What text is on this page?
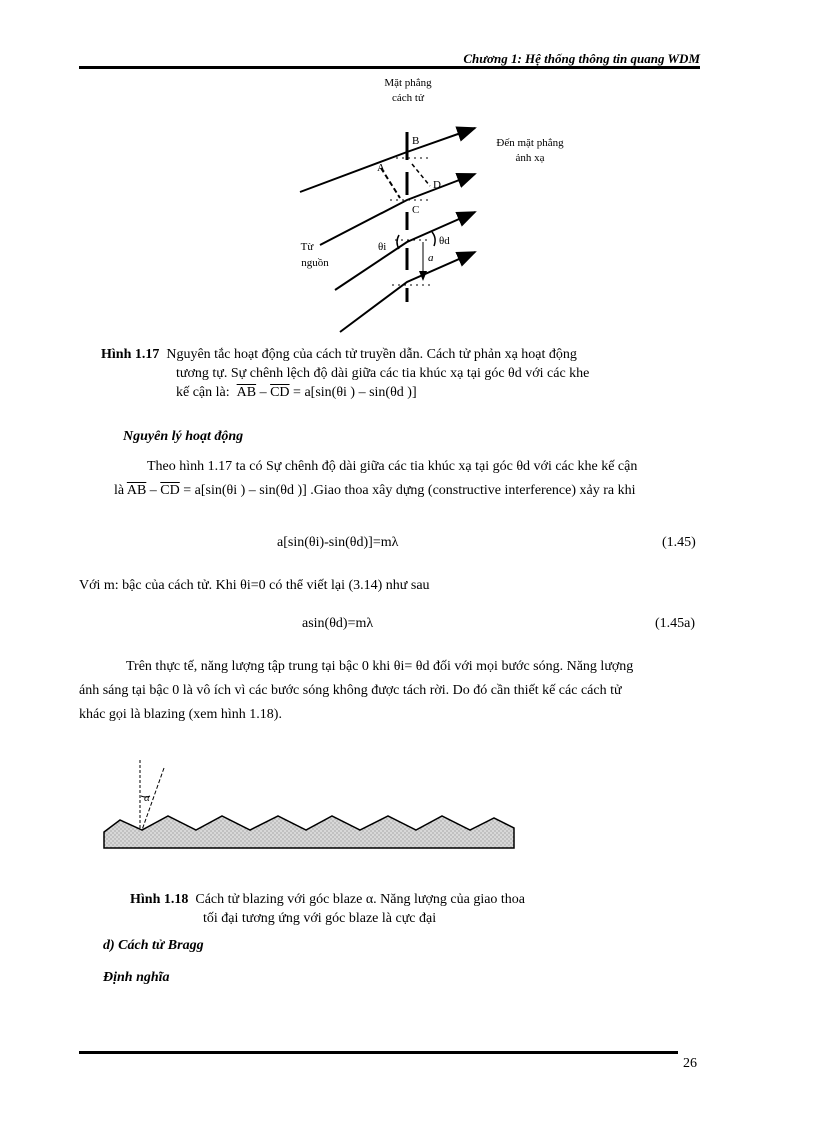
Chương 1: Hệ thống thông tin quang WDM
Mặt phẳng
cách tử
Đến mặt phẳng
ảnh xạ
Từ
nguồn
A
B
C
D
a
θi	θd
Hình 1.17 Nguyên tắc hoạt động của cách tử truyền dẫn. Cách tử phản xạ hoạt động
tương tự. Sự chênh lệch độ dài giữa các tia khúc xạ tại góc θd với các khe
kế cận là: $\overline{AB} - \overline{CD} = a[\sin(\theta i$ ) – sin(θd )]
Nguyên lý hoạt động
Theo hình 1.17 ta có Sự chênh độ dài giữa các tia khúc xạ tại góc θd với các khe kế cận
là $\overline{AB} - \overline{CD} = a[\sin(\theta i$ ) – sin(θd )] .Giao thoa xây dựng (constructive interference) xảy ra khi
a[sin(θi)-sin(θd)]=mλ	(1.45)
Với m: bậc của cách tử. Khi θi=0 có thể viết lại (3.14) như sau
asin(θd)=mλ	(1.45a)
Trên thực tế, năng lượng tập trung tại bậc 0 khi θi= θd đối với mọi bước sóng. Năng lượng
ánh sáng tại bậc 0 là vô ích vì các bước sóng không được tách rời. Do đó cần thiết kế các cách tử
khác gọi là blazing (xem hình 1.18).
α
Hình 1.18 Cách tử blazing với góc blaze α. Năng lượng của giao thoa
tối đại tương ứng với góc blaze là cực đại
d) Cách tử Bragg
Định nghĩa
26
